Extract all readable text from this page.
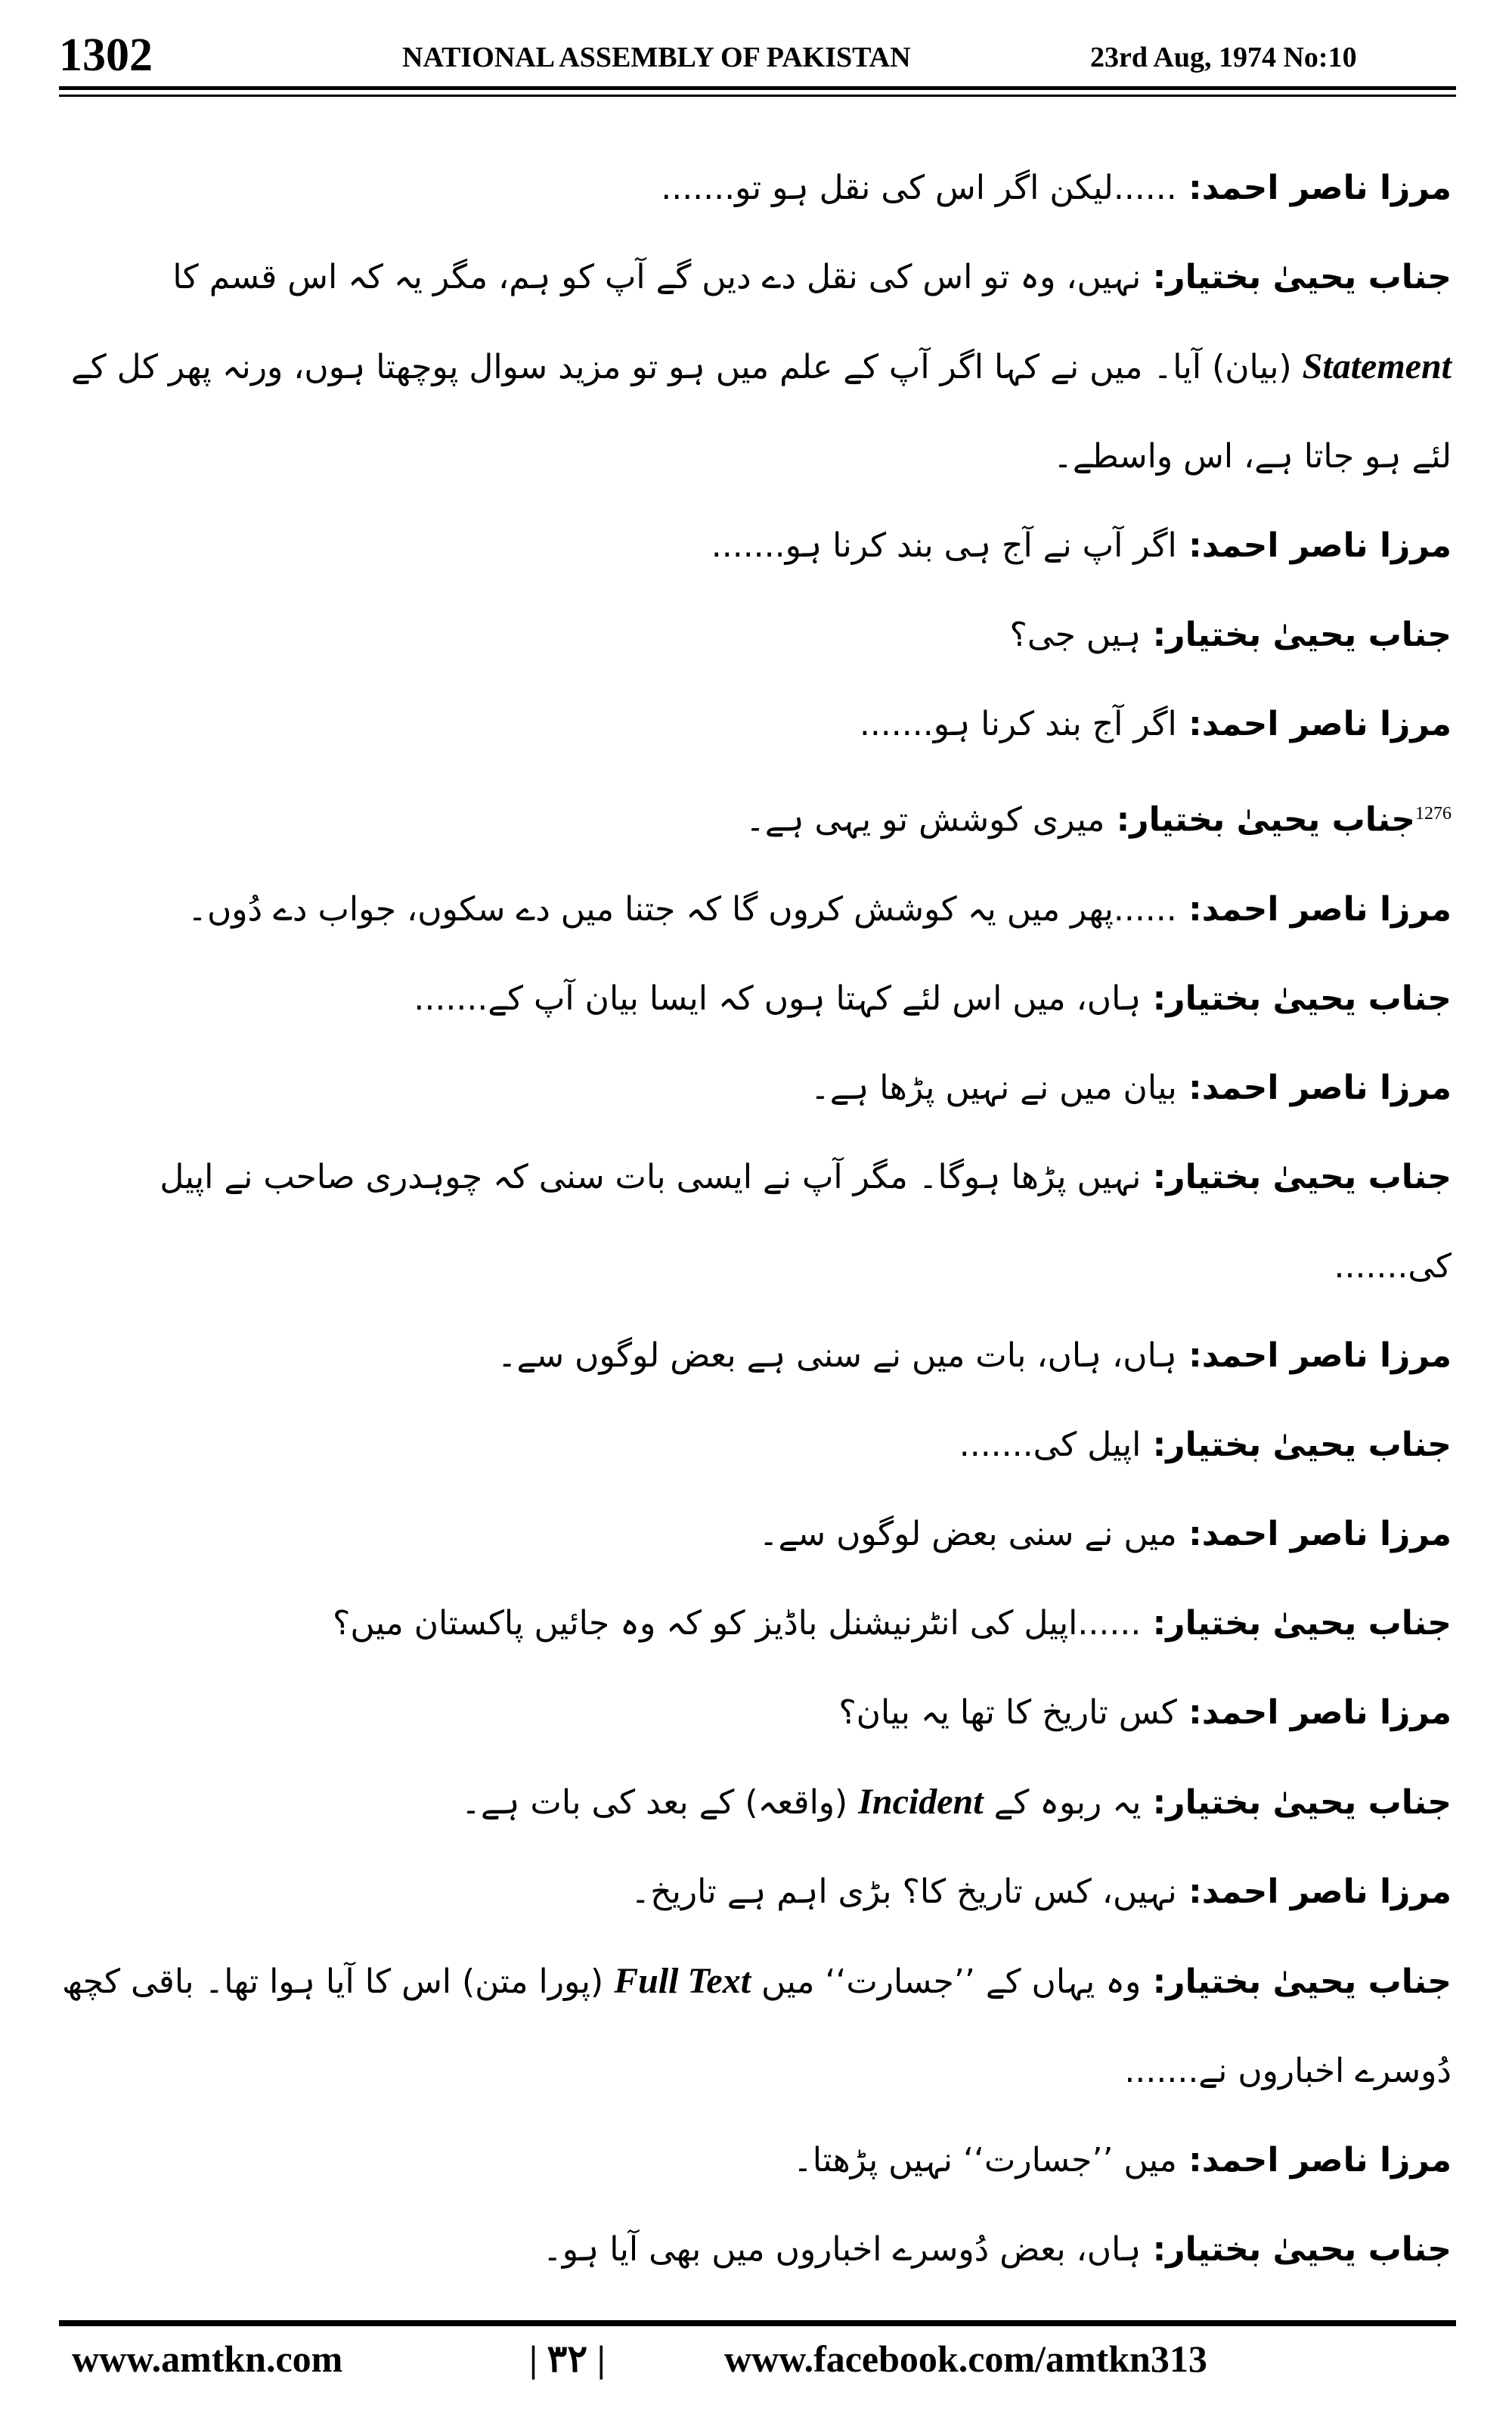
1302	NATIONAL ASSEMBLY OF PAKISTAN	23rd Aug, 1974 No:10

مرزا ناصر احمد: ......لیکن اگر اس کی نقل ہو تو.......

جناب یحییٰ بختیار: نہیں، وہ تو اس کی نقل دے دیں گے آپ کو ہم، مگر یہ کہ اس قسم کا Statement (بیان) آیا۔ میں نے کہا اگر آپ کے علم میں ہو تو مزید سوال پوچھتا ہوں، ورنہ پھر کل کے لئے ہو جاتا ہے، اس واسطے۔

مرزا ناصر احمد: اگر آپ نے آج ہی بند کرنا ہو.......

جناب یحییٰ بختیار: ہیں جی؟

مرزا ناصر احمد: اگر آج بند کرنا ہو.......

$^{1276}$جناب یحییٰ بختیار: میری کوشش تو یہی ہے۔

مرزا ناصر احمد: ......پھر میں یہ کوشش کروں گا کہ جتنا میں دے سکوں، جواب دے دُوں۔

جناب یحییٰ بختیار: ہاں، میں اس لئے کہتا ہوں کہ ایسا بیان آپ کے.......

مرزا ناصر احمد: بیان میں نے نہیں پڑھا ہے۔

جناب یحییٰ بختیار: نہیں پڑھا ہوگا۔ مگر آپ نے ایسی بات سنی کہ چوہدری صاحب نے اپیل کی.......

مرزا ناصر احمد: ہاں، ہاں، بات میں نے سنی ہے بعض لوگوں سے۔

جناب یحییٰ بختیار: اپیل کی.......

مرزا ناصر احمد: میں نے سنی بعض لوگوں سے۔

جناب یحییٰ بختیار: ......اپیل کی انٹرنیشنل باڈیز کو کہ وہ جائیں پاکستان میں؟

مرزا ناصر احمد: کس تاریخ کا تھا یہ بیان؟

جناب یحییٰ بختیار: یہ ربوہ کے Incident (واقعہ) کے بعد کی بات ہے۔

مرزا ناصر احمد: نہیں، کس تاریخ کا؟ بڑی اہم ہے تاریخ۔

جناب یحییٰ بختیار: وہ یہاں کے ’’جسارت‘‘ میں Full Text (پورا متن) اس کا آیا ہوا تھا۔ باقی کچھ دُوسرے اخباروں نے.......

مرزا ناصر احمد: میں ’’جسارت‘‘ نہیں پڑھتا۔

جناب یحییٰ بختیار: ہاں، بعض دُوسرے اخباروں میں بھی آیا ہو۔

www.amtkn.com	| ۳۲ |	www.facebook.com/amtkn313
